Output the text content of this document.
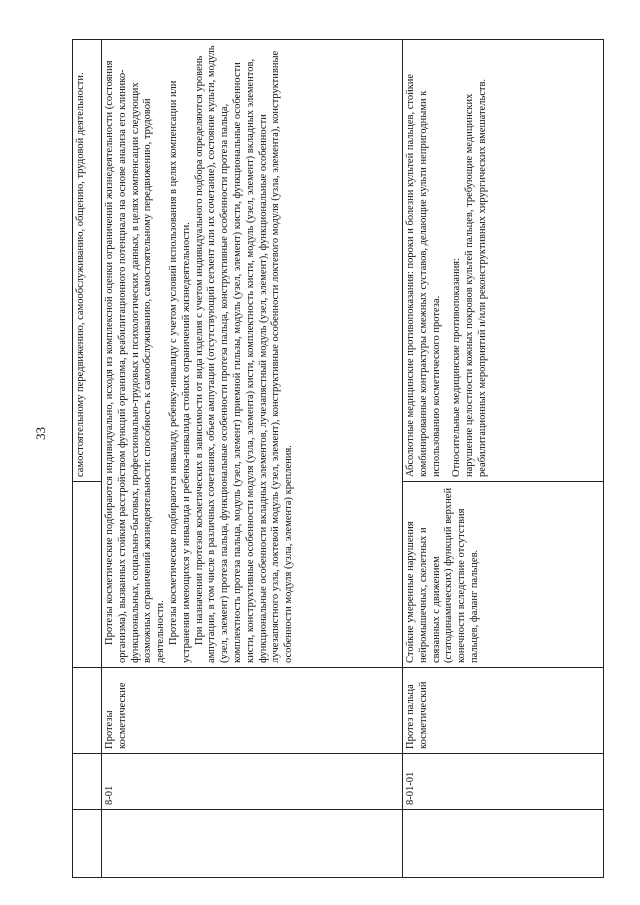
33
					самостоятельному передвижению, самообслуживанию, общению, трудовой деятельности.
	8-01	Протезы косметические	Протезы косметические подбираются индивидуально, исходя из комплексной оценки ограничений жизнедеятельности (состояния организма), вызванных стойким расстройством функций организма, реабилитационного потенциала на основе анализа его клинико-функциональных, социально-бытовых, профессионально-трудовых и психологических данных, в целях компенсации следующих возможных ограничений жизнедеятельности: способность к самообслуживанию, самостоятельному передвижению, трудовой деятельности. Протезы косметические подбираются инвалиду, ребенку-инвалиду с учетом условий использования в целях компенсации или устранения имеющихся у инвалида и ребенка-инвалида стойких ограничений жизнедеятельности. При назначении протезов косметических в зависимости от вида изделия с учетом индивидуального подбора определяются уровень ампутации, в том числе в различных сочетаниях, объем ампутации (отсутствующий сегмент или их сочетание), состояние культи, модуль (узел, элемент) протеза пальца, функциональные особенности протеза пальца, конструктивные особенности протеза пальца, комплектность протеза пальца, модуль (узел, элемент) приемной гильзы, модуль (узел, элемент) кисти, функциональные особенности кисти, конструктивные особенности модуля (узла, элемента) кисти, комплектность кисти, модуль (узел, элемент) вкладных элементов, функциональные особенности вкладных элементов, лучезапястный модуль (узел, элемент), функциональные особенности лучезапястного узла, локтевой модуль (узел, элемент), конструктивные особенности локтевого модуля (узла, элемента), конструктивные особенности модуля (узла, элемента) крепления.	

	8-01-01	Протез пальца косметический	Стойкие умеренные нарушения нейромышечных, скелетных и связанных с движением (статодинамических) функций верхней конечности вследствие отсутствия пальцев, фаланг пальцев.	Абсолютные медицинские противопоказания: пороки и болезни культей пальцев, стойкие комбинированные контрактуры смежных суставов, делающие культи непригодными к использованию косметического протеза. Относительные медицинские противопоказания: нарушение целостности кожных покровов культей пальцев, требующие медицинских реабилитационных мероприятий и/или реконструктивных хирургических вмешательств.
